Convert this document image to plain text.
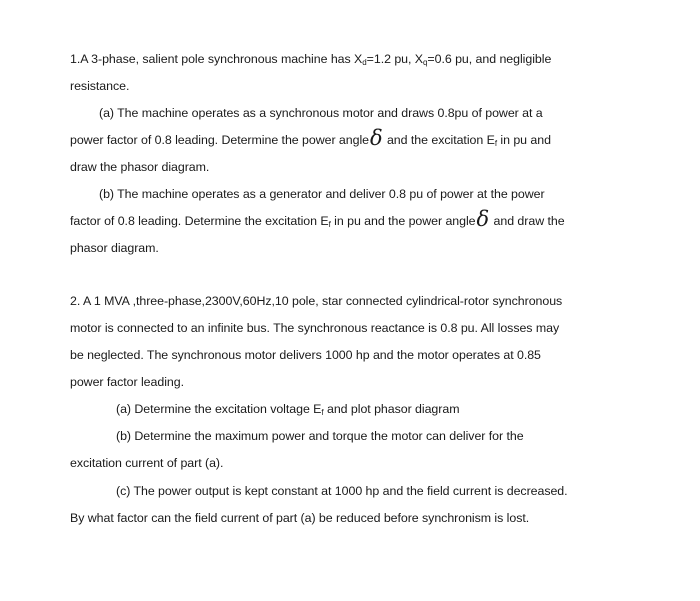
1.A 3-phase, salient pole synchronous machine has $X_d=1.2$ pu, $X_q=0.6$ pu, and negligible
resistance.
(a) The machine operates as a synchronous motor and draws 0.8pu of power at a
power factor of 0.8 leading. Determine the power angleδ and the excitation $E_f$ in pu and
draw the phasor diagram.
(b) The machine operates as a generator and deliver 0.8 pu of power at the power
factor of 0.8 leading. Determine the excitation $E_f$ in pu and the power angleδ and draw the
phasor diagram.
2. A 1 MVA ,three-phase,2300V,60Hz,10 pole, star connected cylindrical-rotor synchronous
motor is connected to an infinite bus. The synchronous reactance is 0.8 pu. All losses may
be neglected. The synchronous motor delivers 1000 hp and the motor operates at 0.85
power factor leading.
(a) Determine the excitation voltage $E_f$ and plot phasor diagram
(b) Determine the maximum power and torque the motor can deliver for the
excitation current of part (a).
(c) The power output is kept constant at 1000 hp and the field current is decreased.
By what factor can the field current of part (a) be reduced before synchronism is lost.
